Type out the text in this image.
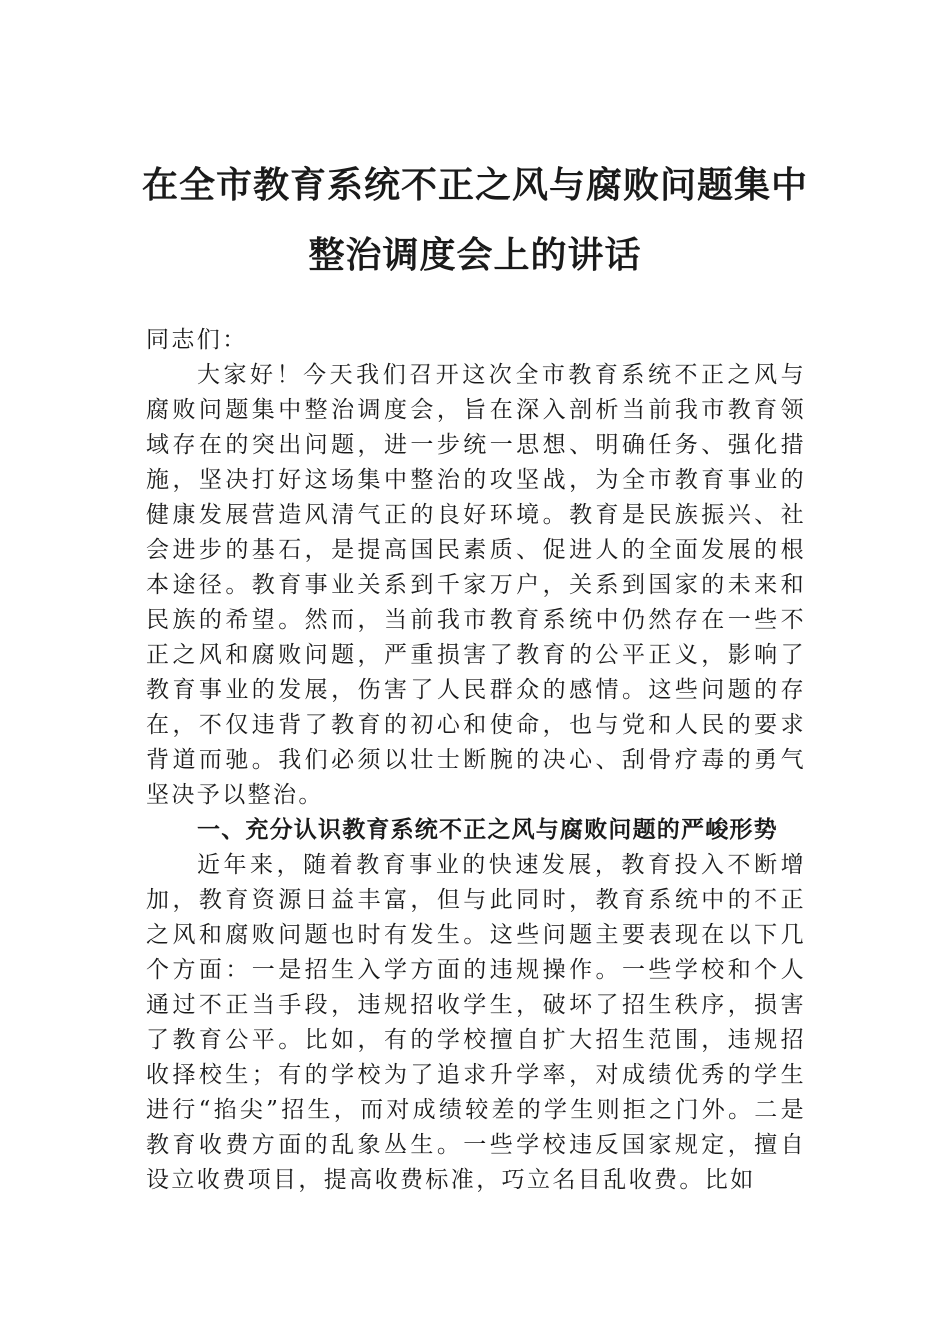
在全市教育系统不正之风与腐败问题集中
整治调度会上的讲话

同志们：

大家好！今天我们召开这次全市教育系统不正之风与腐败问题集中整治调度会，旨在深入剖析当前我市教育领域存在的突出问题，进一步统一思想、明确任务、强化措施，坚决打好这场集中整治的攻坚战，为全市教育事业的健康发展营造风清气正的良好环境。教育是民族振兴、社会进步的基石，是提高国民素质、促进人的全面发展的根本途径。教育事业关系到千家万户，关系到国家的未来和民族的希望。然而，当前我市教育系统中仍然存在一些不正之风和腐败问题，严重损害了教育的公平正义，影响了教育事业的发展，伤害了人民群众的感情。这些问题的存在，不仅违背了教育的初心和使命，也与党和人民的要求背道而驰。我们必须以壮士断腕的决心、刮骨疗毒的勇气坚决予以整治。

一、充分认识教育系统不正之风与腐败问题的严峻形势

近年来，随着教育事业的快速发展，教育投入不断增加，教育资源日益丰富，但与此同时，教育系统中的不正之风和腐败问题也时有发生。这些问题主要表现在以下几个方面：一是招生入学方面的违规操作。一些学校和个人通过不正当手段，违规招收学生，破坏了招生秩序，损害了教育公平。比如，有的学校擅自扩大招生范围，违规招收择校生；有的学校为了追求升学率，对成绩优秀的学生进行“掐尖”招生，而对成绩较差的学生则拒之门外。二是教育收费方面的乱象丛生。一些学校违反国家规定，擅自设立收费项目，提高收费标准，巧立名目乱收费。比如
